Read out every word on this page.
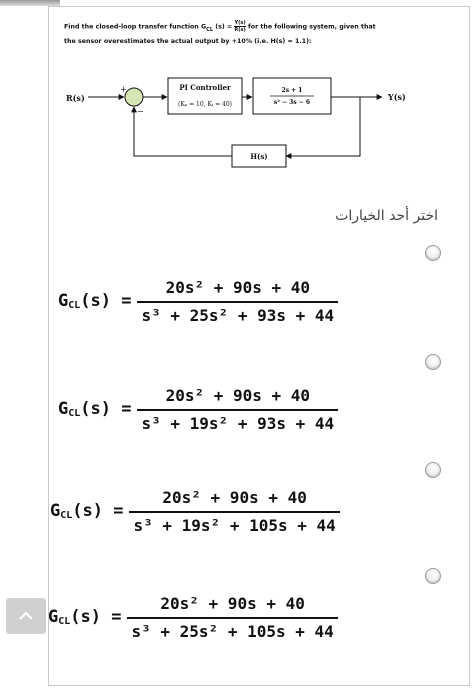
Find the closed-loop transfer function $G_{CL}$ $(s) = \frac{Y(s)}{R(s)}$ for the following system, given that
the sensor overestimates the actual output by +10% (i.e. H(s) = 1.1):
R(s)
+
−
PI Controller
(Kₚ = 10, Kᵢ = 40)
2s + 1
s² − 3s − 6
Y(s)
H(s)
اختر أحد الخيارات
G CL $(s) = \frac{\text{20s² + 90s + 40}}{\text{s³ + 25s² + 93s + 44}}$
G CL $(s) = \frac{\text{20s² + 90s + 40}}{\text{s³ + 19s² + 93s + 44}}$
G CL $(s) = \frac{\text{20s² + 90s + 40}}{\text{s³ + 19s² + 105s + 44}}$
G CL $(s) = \frac{\text{20s² + 90s + 40}}{\text{s³ + 25s² + 105s + 44}}$
